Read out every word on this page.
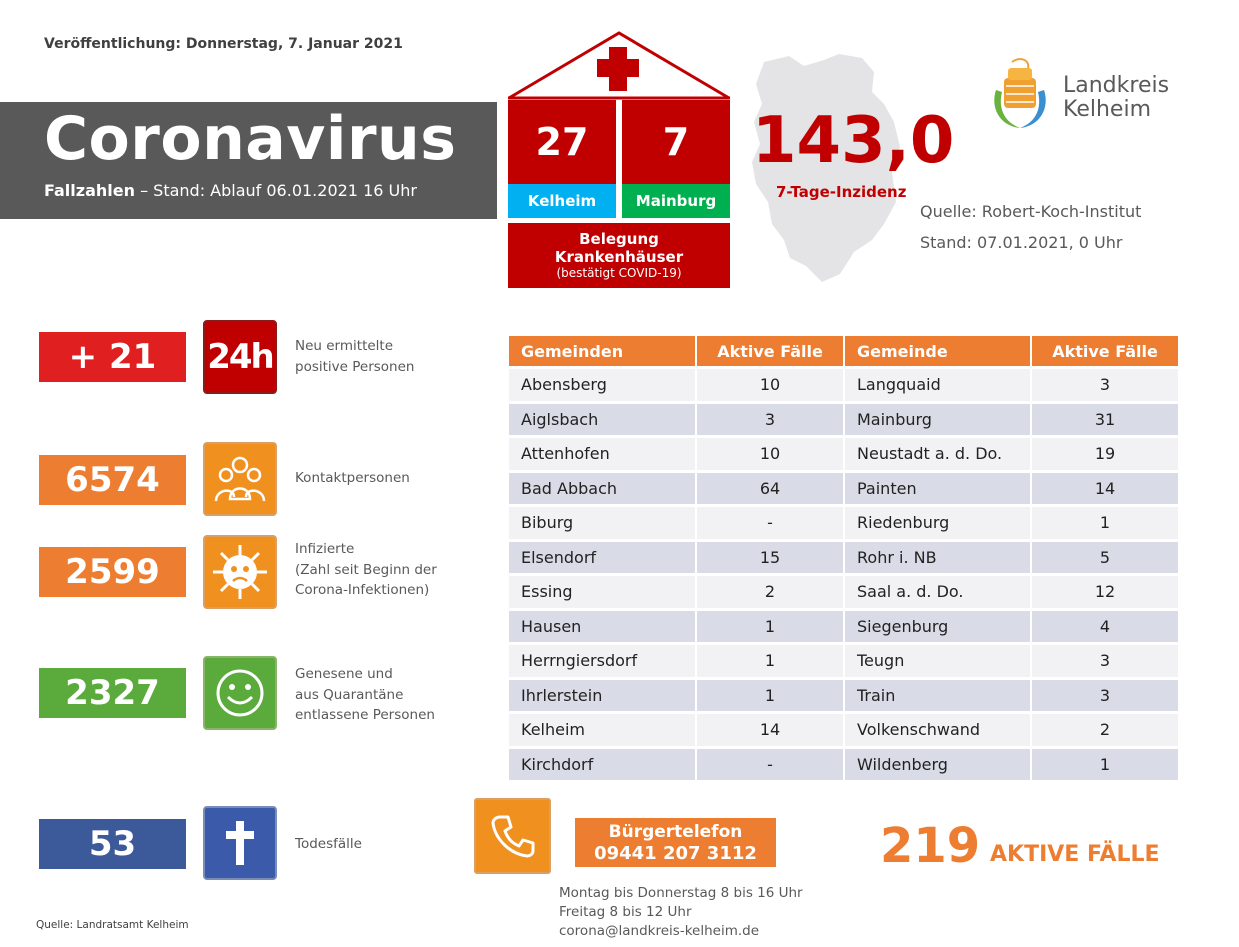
Veröffentlichung: Donnerstag, 7. Januar 2021
Coronavirus
Fallzahlen – Stand: Ablauf 06.01.2021 16 Uhr
27	7
Kelheim	Mainburg
Belegung
Krankenhäuser
(bestätigt COVID-19)
143,0
7-Tage-Inzidenz
Quelle: Robert-Koch-Institut
Stand: 07.01.2021, 0 Uhr
Landkreis
Kelheim
+ 21	24h Neu ermittelte
positive Personen
6574	Kontaktpersonen
2599
Infizierte
(Zahl seit Beginn der
Corona-Infektionen)
2327	Genesene und
aus Quarantäne
entlassene Personen
53	Todesfälle
Gemeinden	Aktive Fälle	Gemeinde	Aktive Fälle
Abensberg	10	Langquaid	3
Aiglsbach	3	Mainburg	31
Attenhofen	10	Neustadt a. d. Do.	19
Bad Abbach	64	Painten	14
Biburg	-	Riedenburg	1
Elsendorf	15	Rohr i. NB	5
Essing	2	Saal a. d. Do.	12
Hausen	1	Siegenburg	4
Herrngiersdorf	1	Teugn	3
Ihrlerstein	1	Train	3
Kelheim	14	Volkenschwand	2
Kirchdorf	-	Wildenberg	1
Bürgertelefon
09441 207 3112
Montag bis Donnerstag 8 bis 16 Uhr
Freitag 8 bis 12 Uhr
corona@landkreis-kelheim.de
219 AKTIVE FÄLLE
Quelle: Landratsamt Kelheim
